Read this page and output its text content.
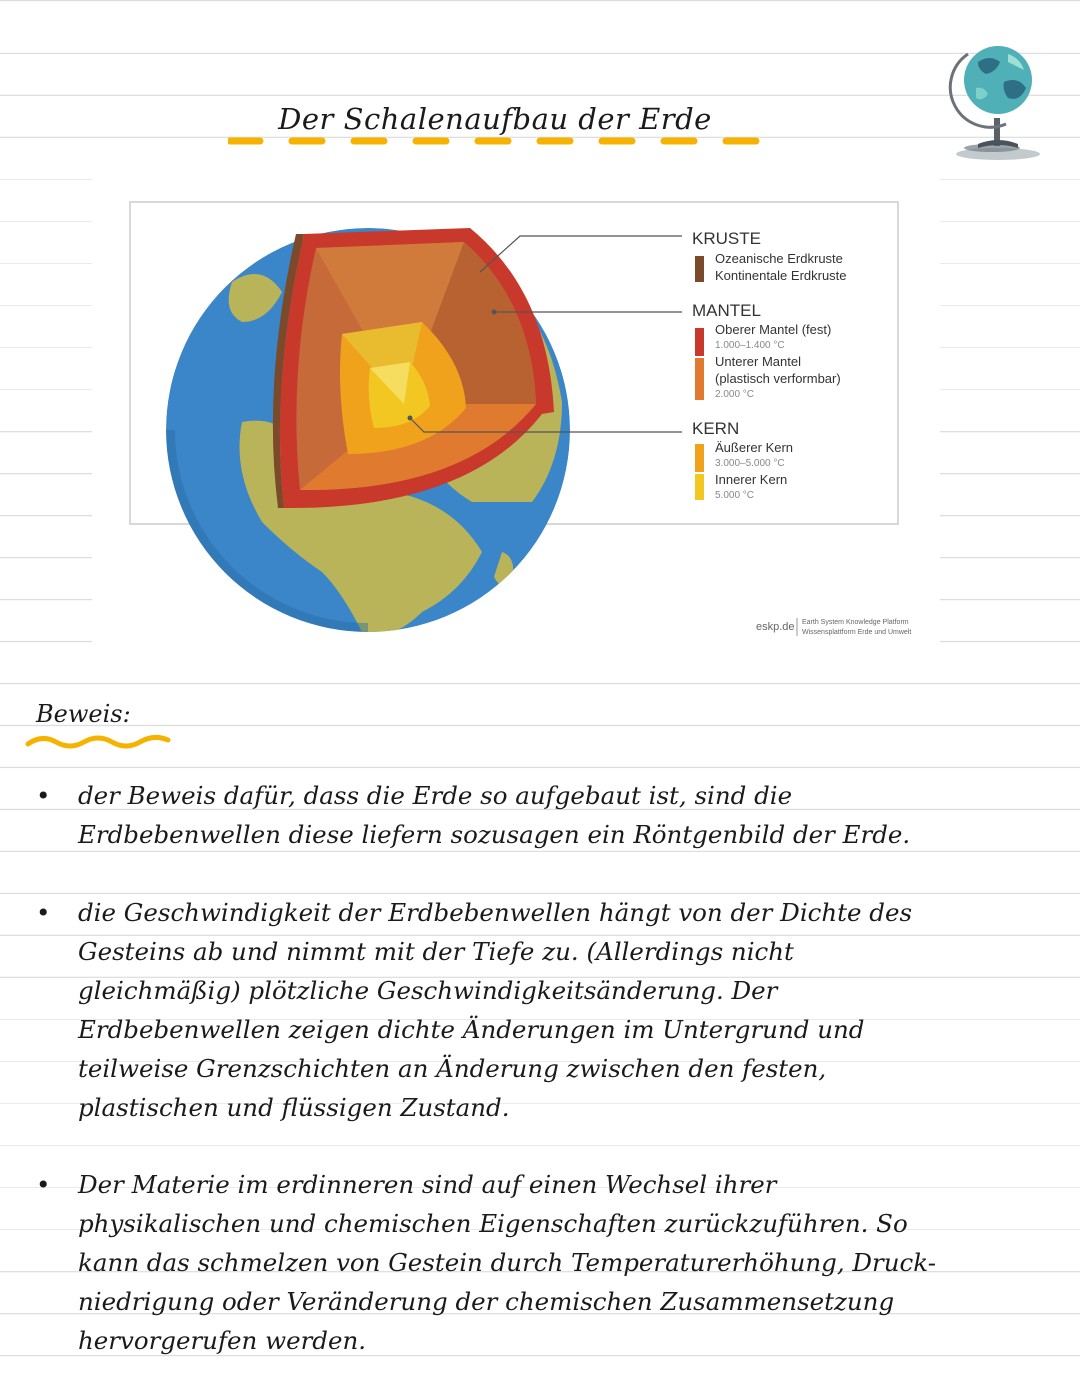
Der Schalenaufbau der Erde
KRUSTE
Ozeanische Erdkruste
Kontinentale Erdkruste
MANTEL
Oberer Mantel (fest)
1.000–1.400 °C
Unterer Mantel
(plastisch verformbar)
2.000 °C
KERN
Äußerer Kern
3.000–5.000 °C
Innerer Kern
5.000 °C
eskp.de Earth System Knowledge Platform
Wissensplattform Erde und Umwelt
Beweis:
• der Beweis dafür, dass die Erde so aufgebaut ist, sind die
Erdbebenwellen diese liefern sozusagen ein Röntgenbild der Erde.
• die Geschwindigkeit der Erdbebenwellen hängt von der Dichte des
Gesteins ab und nimmt mit der Tiefe zu. (Allerdings nicht
gleichmäßig) plötzliche Geschwindigkeitsänderung. Der
Erdbebenwellen zeigen dichte Änderungen im Untergrund und
teilweise Grenzschichten an Änderung zwischen den festen,
plastischen und flüssigen Zustand.
• Der Materie im erdinneren sind auf einen Wechsel ihrer
physikalischen und chemischen Eigenschaften zurückzuführen. So
kann das schmelzen von Gestein durch Temperaturerhöhung, Druck-
niedrigung oder Veränderung der chemischen Zusammensetzung
hervorgerufen werden.
